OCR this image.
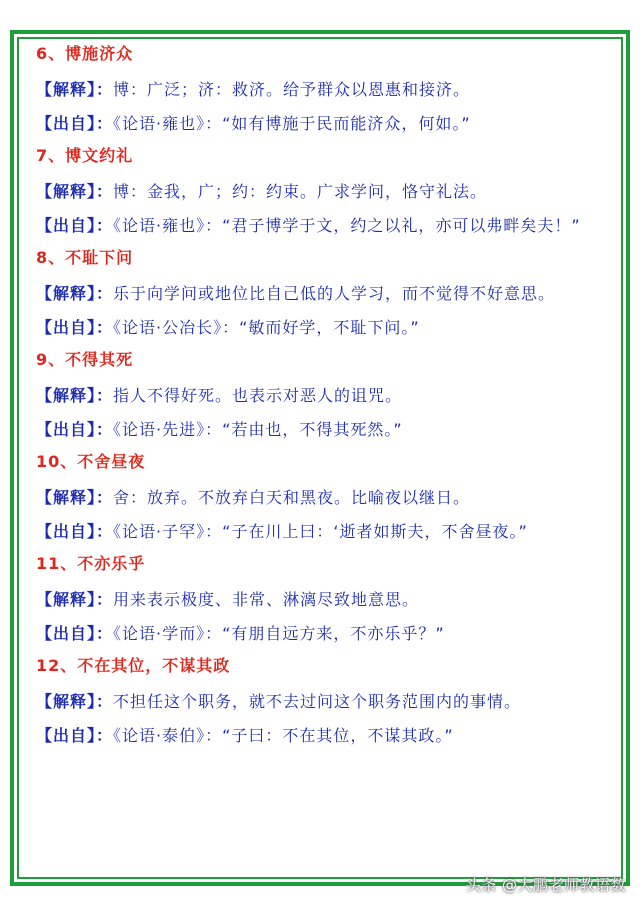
6、博施济众
【解释】：博：广泛；济：救济。给予群众以恩惠和接济。
【出自】：《论语·雍也》：“如有博施于民而能济众，何如。”
7、博文约礼
【解释】：博：金我，广；约：约束。广求学问，恪守礼法。
【出自】：《论语·雍也》：“君子博学于文，约之以礼，亦可以弗畔矣夫！”
8、不耻下问
【解释】：乐于向学问或地位比自己低的人学习，而不觉得不好意思。
【出自】：《论语·公冶长》：“敏而好学，不耻下问。”
9、不得其死
【解释】：指人不得好死。也表示对恶人的诅咒。
【出自】：《论语·先进》：“若由也，不得其死然。”
10、不舍昼夜
【解释】：舍：放弃。不放弃白天和黑夜。比喻夜以继日。
【出自】：《论语·子罕》：“子在川上曰：‘逝者如斯夫，不舍昼夜。”
11、不亦乐乎
【解释】：用来表示极度、非常、淋漓尽致地意思。
【出自】：《论语·学而》：“有朋自远方来，不亦乐乎？”
12、不在其位，不谋其政
【解释】：不担任这个职务，就不去过问这个职务范围内的事情。
【出自】：《论语·泰伯》：“子曰：不在其位，不谋其政。”
头条 @大鹏老师教语数
